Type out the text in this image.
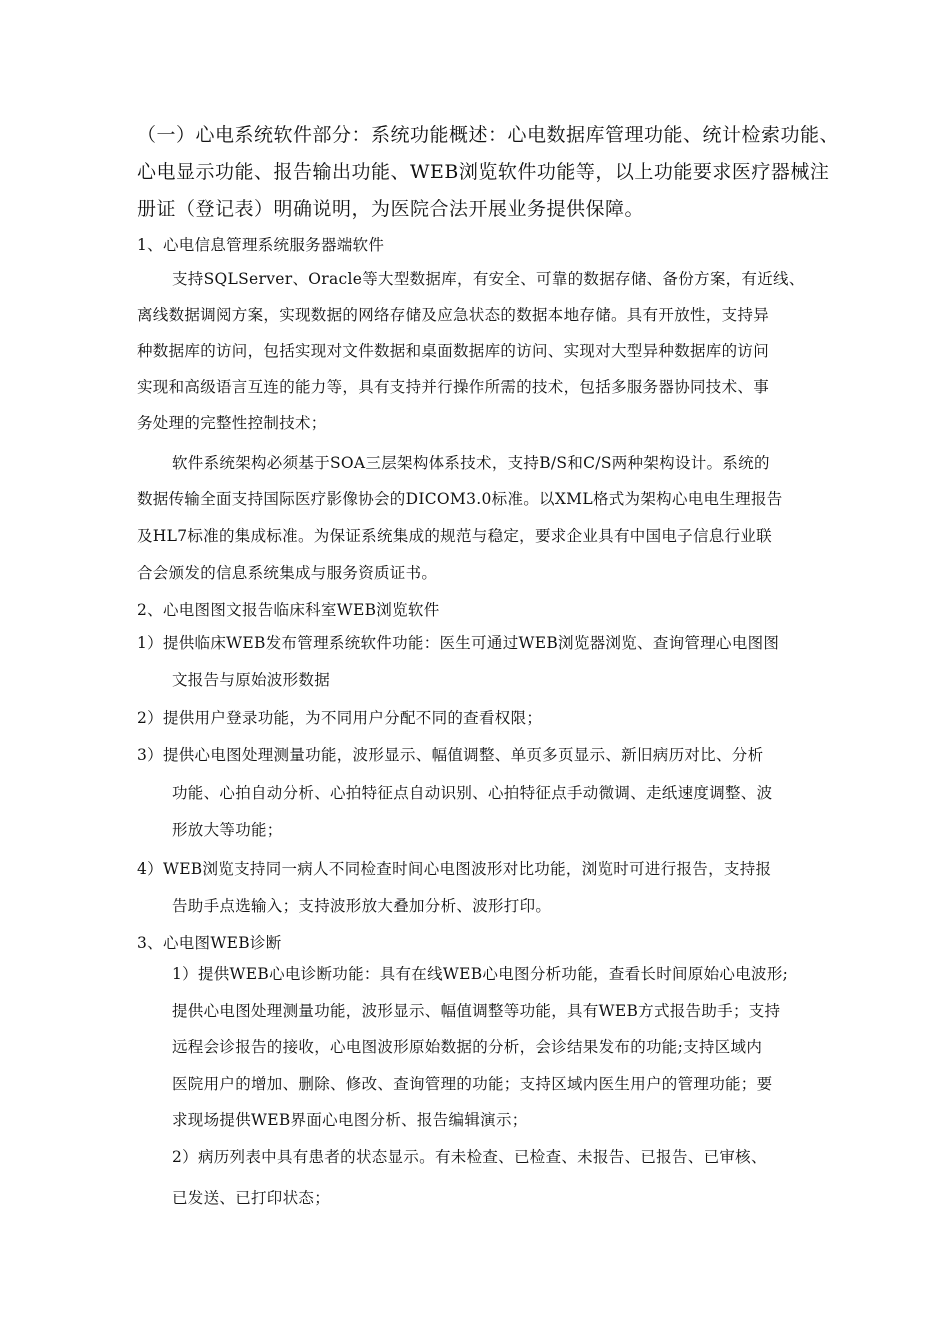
（一）心电系统软件部分：系统功能概述：心电数据库管理功能、统计检索功能、

心电显示功能、报告输出功能、WEB浏览软件功能等，以上功能要求医疗器械注

册证（登记表）明确说明，为医院合法开展业务提供保障。

1、心电信息管理系统服务器端软件

支持SQLServer、Oracle等大型数据库，有安全、可靠的数据存储、备份方案，有近线、

离线数据调阅方案，实现数据的网络存储及应急状态的数据本地存储。具有开放性，支持异

种数据库的访问，包括实现对文件数据和桌面数据库的访问、实现对大型异种数据库的访问

实现和高级语言互连的能力等，具有支持并行操作所需的技术，包括多服务器协同技术、事

务处理的完整性控制技术；

软件系统架构必须基于SOA三层架构体系技术，支持B/S和C/S两种架构设计。系统的

数据传输全面支持国际医疗影像协会的DICOM3.0标准。以XML格式为架构心电电生理报告

及HL7标准的集成标准。为保证系统集成的规范与稳定，要求企业具有中国电子信息行业联

合会颁发的信息系统集成与服务资质证书。

2、心电图图文报告临床科室WEB浏览软件

1）提供临床WEB发布管理系统软件功能：医生可通过WEB浏览器浏览、查询管理心电图图

文报告与原始波形数据

2）提供用户登录功能，为不同用户分配不同的查看权限；

3）提供心电图处理测量功能，波形显示、幅值调整、单页多页显示、新旧病历对比、分析

功能、心拍自动分析、心拍特征点自动识别、心拍特征点手动微调、走纸速度调整、波

形放大等功能；

4）WEB浏览支持同一病人不同检查时间心电图波形对比功能，浏览时可进行报告，支持报

告助手点选输入；支持波形放大叠加分析、波形打印。

3、心电图WEB诊断

1）提供WEB心电诊断功能：具有在线WEB心电图分析功能，查看长时间原始心电波形;

提供心电图处理测量功能，波形显示、幅值调整等功能，具有WEB方式报告助手；支持

远程会诊报告的接收，心电图波形原始数据的分析，会诊结果发布的功能;支持区域内

医院用户的增加、删除、修改、查询管理的功能；支持区域内医生用户的管理功能；要

求现场提供WEB界面心电图分析、报告编辑演示；

2）病历列表中具有患者的状态显示。有未检查、已检查、未报告、已报告、已审核、

已发送、已打印状态；
